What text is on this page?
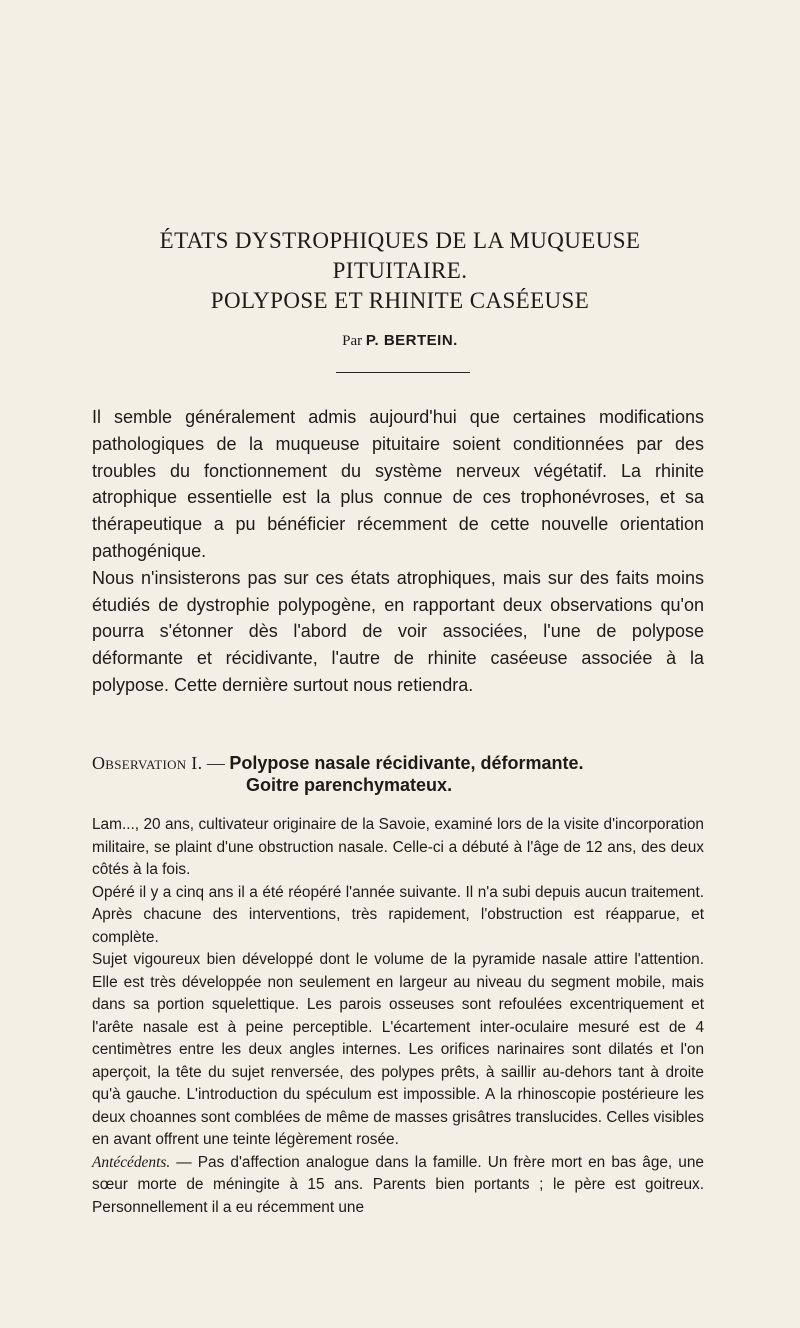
ÉTATS DYSTROPHIQUES DE LA MUQUEUSE
PITUITAIRE.
POLYPOSE ET RHINITE CASÉEUSE

Par P. BERTEIN.

Il semble généralement admis aujourd'hui que certaines modifications pathologiques de la muqueuse pituitaire soient conditionnées par des troubles du fonctionnement du système nerveux végétatif. La rhinite atrophique essentielle est la plus connue de ces trophonévroses, et sa thérapeutique a pu bénéficier récemment de cette nouvelle orientation pathogénique.

Nous n'insisterons pas sur ces états atrophiques, mais sur des faits moins étudiés de dystrophie polypogène, en rapportant deux observations qu'on pourra s'étonner dès l'abord de voir associées, l'une de polypose déformante et récidivante, l'autre de rhinite caséeuse associée à la polypose. Cette dernière surtout nous retiendra.

Observation I. — Polypose nasale récidivante, déformante.
Goitre parenchymateux.

Lam..., 20 ans, cultivateur originaire de la Savoie, examiné lors de la visite d'incorporation militaire, se plaint d'une obstruction nasale. Celle-ci a débuté à l'âge de 12 ans, des deux côtés à la fois.

Opéré il y a cinq ans il a été réopéré l'année suivante. Il n'a subi depuis aucun traitement. Après chacune des interventions, très rapidement, l'obstruction est réapparue, et complète.

Sujet vigoureux bien développé dont le volume de la pyramide nasale attire l'attention. Elle est très développée non seulement en largeur au niveau du segment mobile, mais dans sa portion squelettique. Les parois osseuses sont refoulées excentriquement et l'arête nasale est à peine perceptible. L'écartement inter-oculaire mesuré est de 4 centimètres entre les deux angles internes. Les orifices narinaires sont dilatés et l'on aperçoit, la tête du sujet renversée, des polypes prêts, à saillir au-dehors tant à droite qu'à gauche. L'introduction du spéculum est impossible. A la rhinoscopie postérieure les deux choannes sont comblées de même de masses grisâtres translucides. Celles visibles en avant offrent une teinte légèrement rosée.

Antécédents. — Pas d'affection analogue dans la famille. Un frère mort en bas âge, une sœur morte de méningite à 15 ans. Parents bien portants ; le père est goitreux. Personnellement il a eu récemment une
